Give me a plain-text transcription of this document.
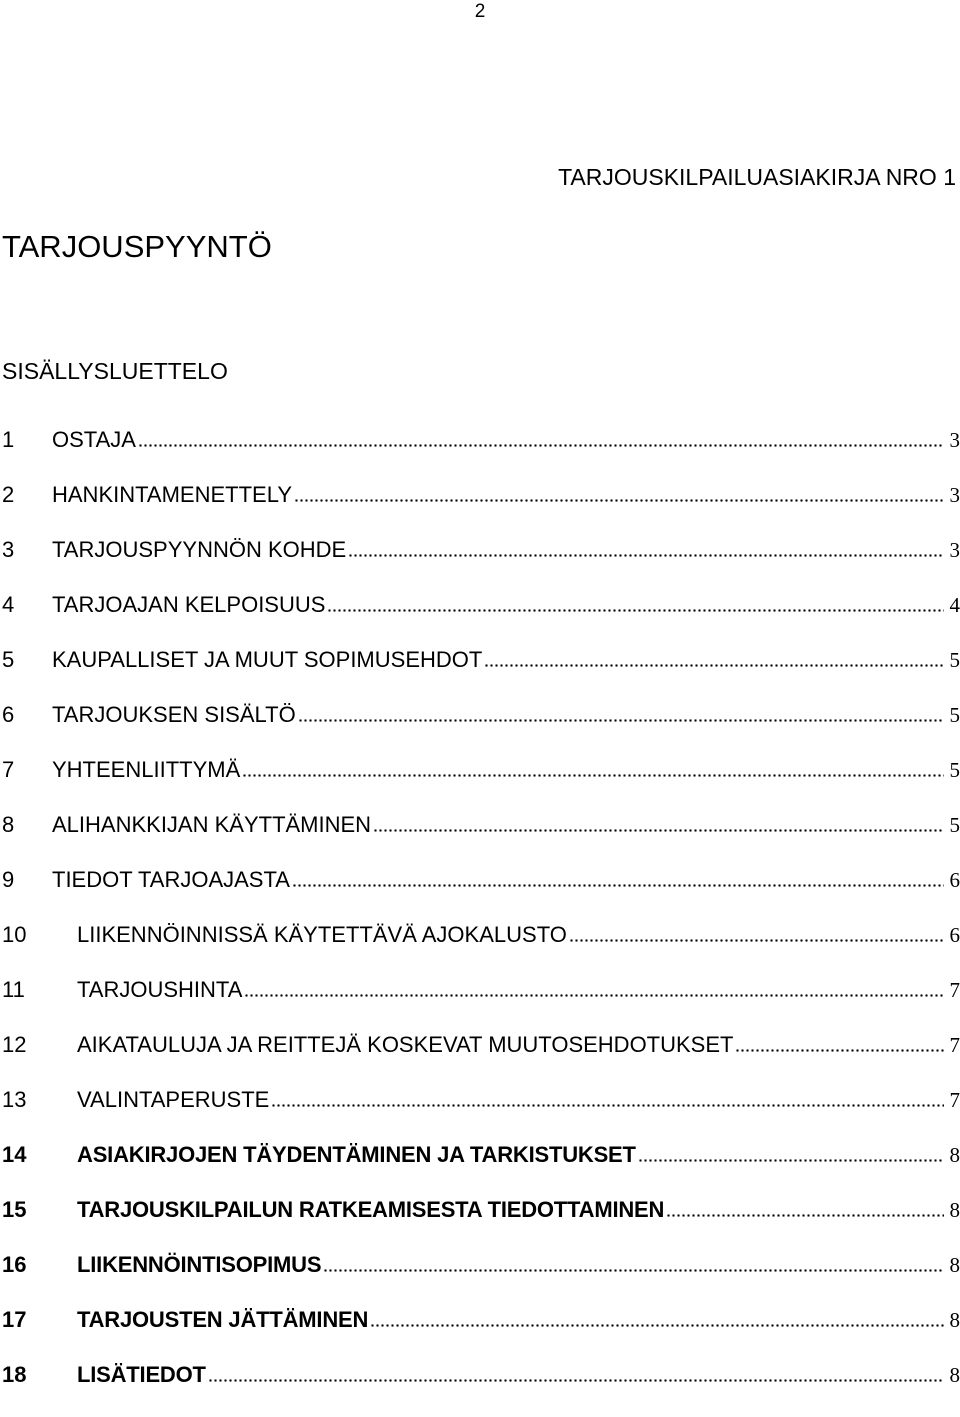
2
TARJOUSKILPAILUASIAKIRJA NRO 1
TARJOUSPYYNTÖ
SISÄLLYSLUETTELO
1	OSTAJA	3
2	HANKINTAMENETTELY	3
3	TARJOUSPYYNNÖN KOHDE	3
4	TARJOAJAN KELPOISUUS	4
5	KAUPALLISET JA MUUT SOPIMUSEHDOT	5
6	TARJOUKSEN SISÄLTÖ	5
7	YHTEENLIITTYMÄ	5
8	ALIHANKKIJAN KÄYTTÄMINEN	5
9	TIEDOT TARJOAJASTA	6
10	LIIKENNÖINNISSÄ KÄYTETTÄVÄ AJOKALUSTO	6
11	TARJOUSHINTA	7
12	AIKATAULUJA JA REITTEJÄ KOSKEVAT MUUTOSEHDOTUKSET	7
13	VALINTAPERUSTE	7
14	ASIAKIRJOJEN TÄYDENTÄMINEN JA TARKISTUKSET	8
15	TARJOUSKILPAILUN RATKEAMISESTA TIEDOTTAMINEN	8
16	LIIKENNÖINTISOPIMUS	8
17	TARJOUSTEN JÄTTÄMINEN	8
18	LISÄTIEDOT	8
